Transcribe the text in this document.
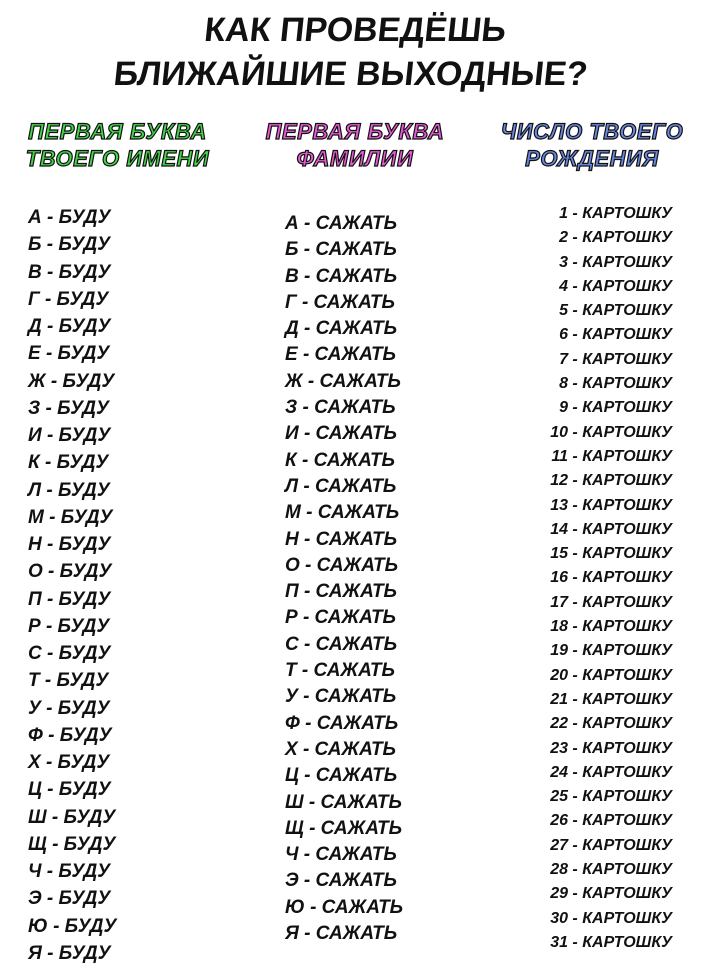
КАК ПРОВЕДЁШЬ
БЛИЖАЙШИЕ ВЫХОДНЫЕ?
ПЕРВАЯ БУКВА
ТВОЕГО ИМЕНИ
ПЕРВАЯ БУКВА
ФАМИЛИИ
ЧИСЛО ТВОЕГО
РОЖДЕНИЯ
А - БУДУ
Б - БУДУ
В - БУДУ
Г - БУДУ
Д - БУДУ
Е - БУДУ
Ж - БУДУ
З - БУДУ
И - БУДУ
К - БУДУ
Л - БУДУ
М - БУДУ
Н - БУДУ
О - БУДУ
П - БУДУ
Р - БУДУ
С - БУДУ
Т - БУДУ
У - БУДУ
Ф - БУДУ
Х - БУДУ
Ц - БУДУ
Ш - БУДУ
Щ - БУДУ
Ч - БУДУ
Э - БУДУ
Ю - БУДУ
Я - БУДУ
А - САЖАТЬ
Б - САЖАТЬ
В - САЖАТЬ
Г - САЖАТЬ
Д - САЖАТЬ
Е - САЖАТЬ
Ж - САЖАТЬ
З - САЖАТЬ
И - САЖАТЬ
К - САЖАТЬ
Л - САЖАТЬ
М - САЖАТЬ
Н - САЖАТЬ
О - САЖАТЬ
П - САЖАТЬ
Р - САЖАТЬ
С - САЖАТЬ
Т - САЖАТЬ
У - САЖАТЬ
Ф - САЖАТЬ
Х - САЖАТЬ
Ц - САЖАТЬ
Ш - САЖАТЬ
Щ - САЖАТЬ
Ч - САЖАТЬ
Э - САЖАТЬ
Ю - САЖАТЬ
Я - САЖАТЬ
1 - КАРТОШКУ
2 - КАРТОШКУ
3 - КАРТОШКУ
4 - КАРТОШКУ
5 - КАРТОШКУ
6 - КАРТОШКУ
7 - КАРТОШКУ
8 - КАРТОШКУ
9 - КАРТОШКУ
10 - КАРТОШКУ
11 - КАРТОШКУ
12 - КАРТОШКУ
13 - КАРТОШКУ
14 - КАРТОШКУ
15 - КАРТОШКУ
16 - КАРТОШКУ
17 - КАРТОШКУ
18 - КАРТОШКУ
19 - КАРТОШКУ
20 - КАРТОШКУ
21 - КАРТОШКУ
22 - КАРТОШКУ
23 - КАРТОШКУ
24 - КАРТОШКУ
25 - КАРТОШКУ
26 - КАРТОШКУ
27 - КАРТОШКУ
28 - КАРТОШКУ
29 - КАРТОШКУ
30 - КАРТОШКУ
31 - КАРТОШКУ
